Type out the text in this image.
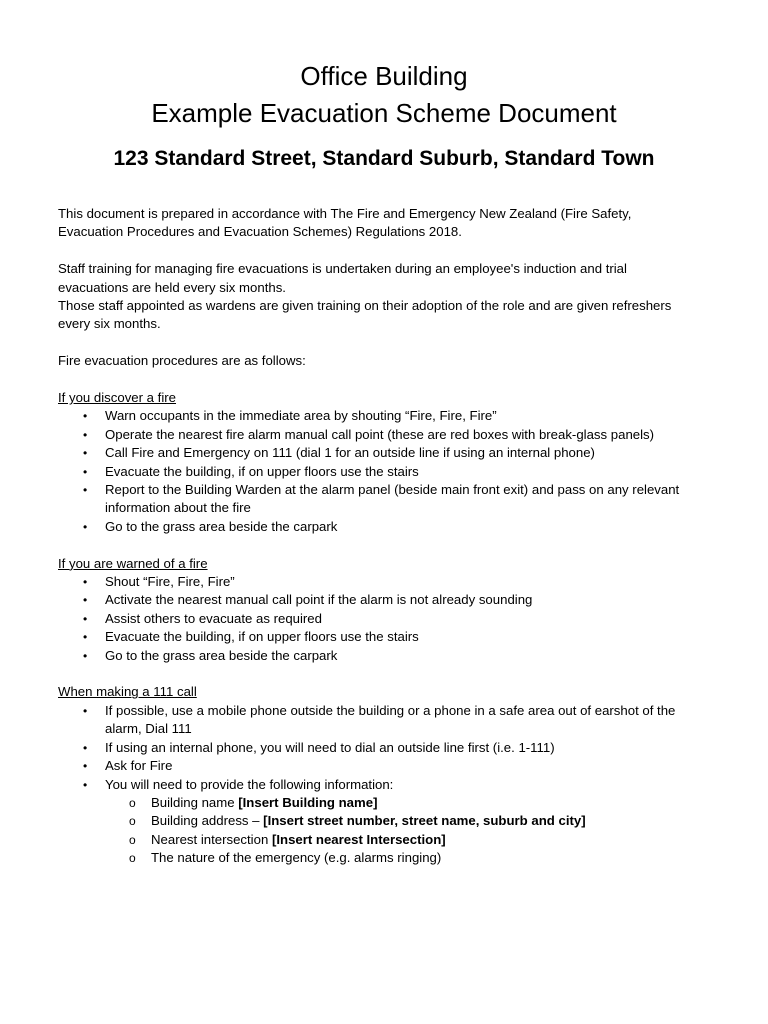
Office Building

Example Evacuation Scheme Document

123 Standard Street, Standard Suburb, Standard Town

This document is prepared in accordance with The Fire and Emergency New Zealand (Fire Safety, Evacuation Procedures and Evacuation Schemes) Regulations 2018.

Staff training for managing fire evacuations is undertaken during an employee's induction and trial evacuations are held every six months.

Those staff appointed as wardens are given training on their adoption of the role and are given refreshers every six months.

Fire evacuation procedures are as follows:

If you discover a fire

•	Warn occupants in the immediate area by shouting “Fire, Fire, Fire”
•	Operate the nearest fire alarm manual call point (these are red boxes with break-glass panels)
•	Call Fire and Emergency on 111 (dial 1 for an outside line if using an internal phone)
•	Evacuate the building, if on upper floors use the stairs
•	Report to the Building Warden at the alarm panel (beside main front exit) and pass on any relevant information about the fire
•	Go to the grass area beside the carpark

If you are warned of a fire

•	Shout “Fire, Fire, Fire”
•	Activate the nearest manual call point if the alarm is not already sounding
•	Assist others to evacuate as required
•	Evacuate the building, if on upper floors use the stairs
•	Go to the grass area beside the carpark

When making a 111 call

•	If possible, use a mobile phone outside the building or a phone in a safe area out of earshot of the alarm, Dial 111
•	If using an internal phone, you will need to dial an outside line first (i.e. 1-111)
•	Ask for Fire
•	You will need to provide the following information:
o Building name [Insert Building name]
o Building address – [Insert street number, street name, suburb and city]
o Nearest intersection [Insert nearest Intersection]
o The nature of the emergency (e.g. alarms ringing)
